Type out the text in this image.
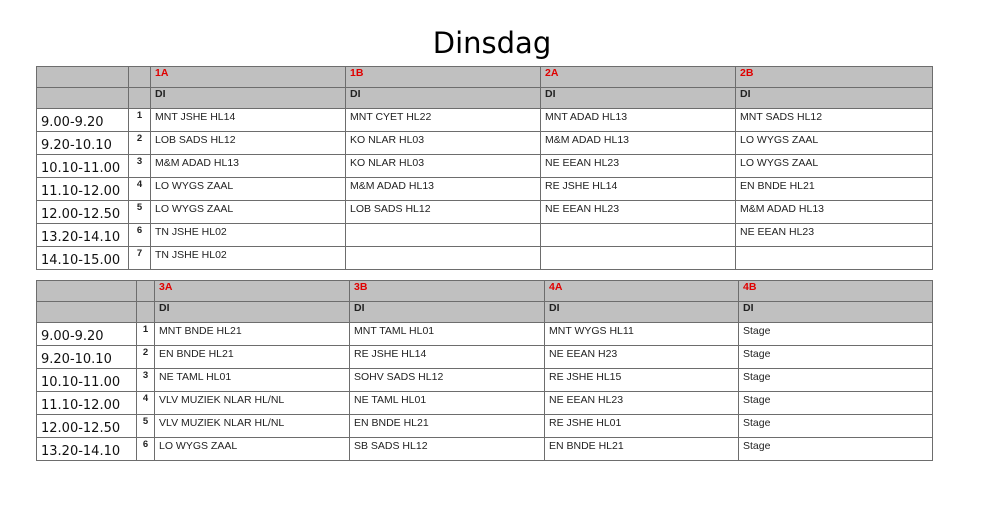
Dinsdag
		1A	1B	2A	2B
		DI	DI	DI	DI
9.00-9.20	1	MNT JSHE HL14	MNT CYET HL22	MNT ADAD HL13	MNT SADS HL12
9.20-10.10	2	LOB SADS HL12	KO NLAR HL03	M&M ADAD HL13	LO WYGS ZAAL
10.10-11.00	3	M&M ADAD HL13	KO NLAR HL03	NE EEAN HL23	LO WYGS ZAAL
11.10-12.00	4	LO WYGS ZAAL	M&M ADAD HL13	RE JSHE HL14	EN BNDE HL21
12.00-12.50	5	LO WYGS ZAAL	LOB SADS HL12	NE EEAN HL23	M&M ADAD HL13
13.20-14.10	6	TN JSHE HL02			NE EEAN HL23
14.10-15.00	7	TN JSHE HL02			
		3A	3B	4A	4B
		DI	DI	DI	DI
9.00-9.20	1	MNT BNDE HL21	MNT TAML HL01	MNT WYGS HL11	Stage
9.20-10.10	2	EN BNDE HL21	RE JSHE HL14	NE EEAN H23	Stage
10.10-11.00	3	NE TAML HL01	SOHV SADS HL12	RE JSHE HL15	Stage
11.10-12.00	4	VLV MUZIEK NLAR HL/NL	NE TAML HL01	NE EEAN HL23	Stage
12.00-12.50	5	VLV MUZIEK NLAR HL/NL	EN BNDE HL21	RE JSHE HL01	Stage
13.20-14.10	6	LO WYGS ZAAL	SB SADS HL12	EN BNDE HL21	Stage
